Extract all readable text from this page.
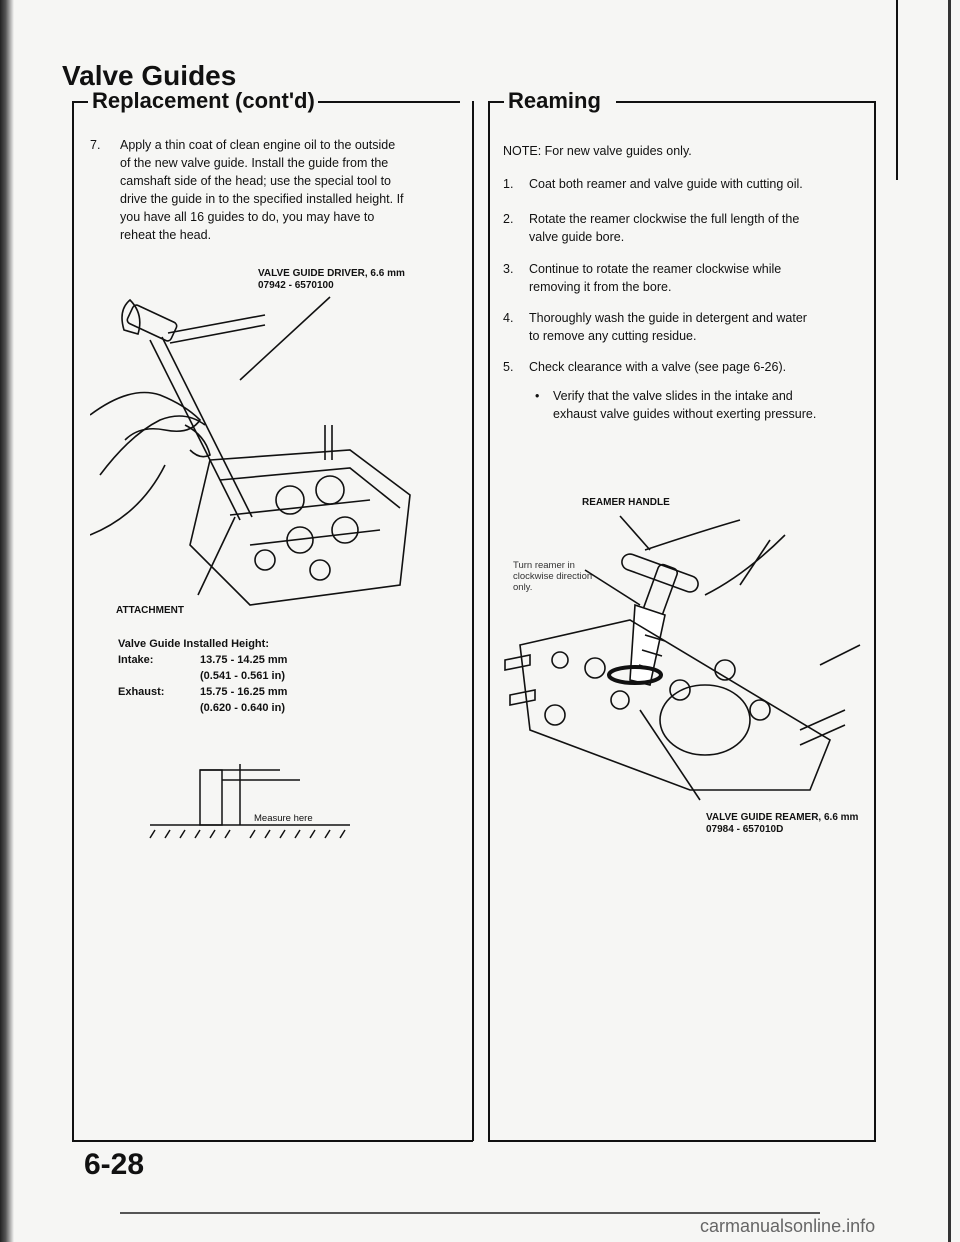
Valve Guides
Replacement (cont'd)
7. Apply a thin coat of clean engine oil to the outside
of the new valve guide. Install the guide from the
camshaft side of the head; use the special tool to
drive the guide in to the specified installed height. If
you have all 16 guides to do, you may have to
reheat the head.
VALVE GUIDE DRIVER, 6.6 mm
07942 - 6570100
ATTACHMENT
Valve Guide Installed Height:
Intake:	13.75 - 14.25 mm
(0.541 - 0.561 in)
Exhaust:	15.75 - 16.25 mm
(0.620 - 0.640 in)
Measure here
Reaming
NOTE: For new valve guides only.
1. Coat both reamer and valve guide with cutting oil.
2. Rotate the reamer clockwise the full length of the
valve guide bore.
3. Continue to rotate the reamer clockwise while
removing it from the bore.
4. Thoroughly wash the guide in detergent and water
to remove any cutting residue.
5. Check clearance with a valve (see page 6-26).
• Verify that the valve slides in the intake and
exhaust valve guides without exerting pressure.
REAMER HANDLE
Turn reamer in
clockwise direction
only.
VALVE GUIDE REAMER, 6.6 mm
07984 - 657010D
6-28
carmanualsonline.info
